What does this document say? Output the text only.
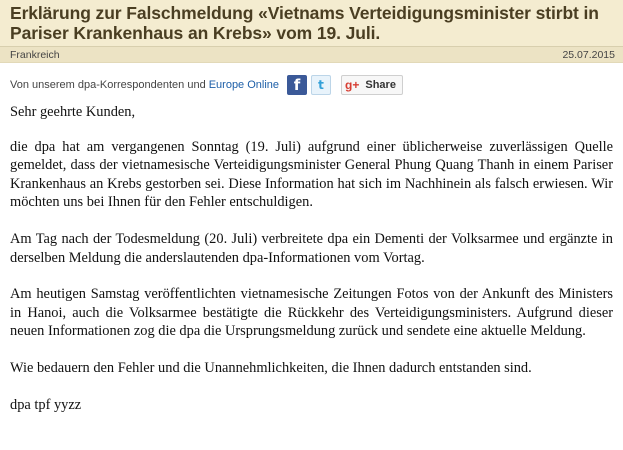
Erklärung zur Falschmeldung «Vietnams Verteidigungsminister stirbt in Pariser Krankenhaus an Krebs» vom 19. Juli.
Frankreich	25.07.2015
Von unserem dpa-Korrespondenten und Europe Online f	t	g+ Share

Sehr geehrte Kunden,

die dpa hat am vergangenen Sonntag (19. Juli) aufgrund einer üblicherweise zuverlässigen Quelle gemeldet, dass der vietnamesische Verteidigungsminister General Phung Quang Thanh in einem Pariser Krankenhaus an Krebs gestorben sei. Diese Information hat sich im Nachhinein als falsch erwiesen. Wir möchten uns bei Ihnen für den Fehler entschuldigen.

Am Tag nach der Todesmeldung (20. Juli) verbreitete dpa ein Dementi der Volksarmee und ergänzte in derselben Meldung die anderslautenden dpa-Informationen vom Vortag.

Am heutigen Samstag veröffentlichten vietnamesische Zeitungen Fotos von der Ankunft des Ministers in Hanoi, auch die Volksarmee bestätigte die Rückkehr des Verteidigungsministers. Aufgrund dieser neuen Informationen zog die dpa die Ursprungsmeldung zurück und sendete eine aktuelle Meldung.

Wie bedauern den Fehler und die Unannehmlichkeiten, die Ihnen dadurch entstanden sind.

dpa tpf yyzz
